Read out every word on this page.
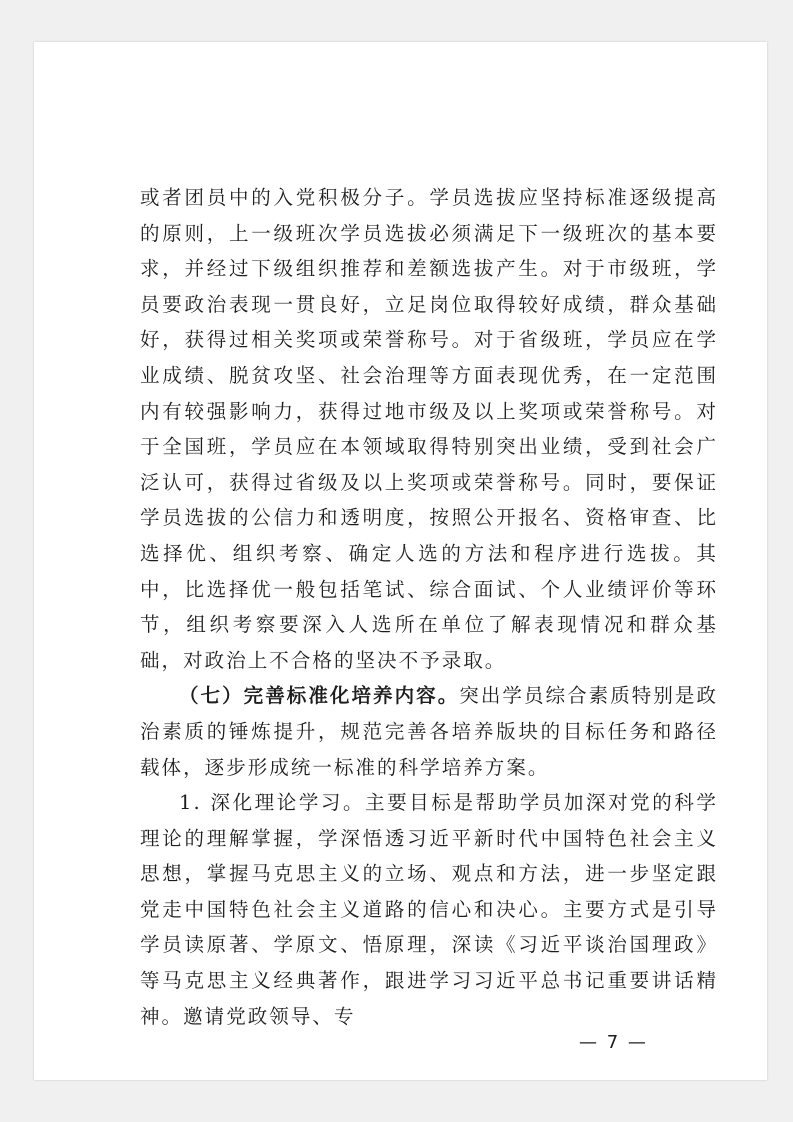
或者团员中的入党积极分子。学员选拔应坚持标准逐级提高的原则，上一级班次学员选拔必须满足下一级班次的基本要求，并经过下级组织推荐和差额选拔产生。对于市级班，学员要政治表现一贯良好，立足岗位取得较好成绩，群众基础好，获得过相关奖项或荣誉称号。对于省级班，学员应在学业成绩、脱贫攻坚、社会治理等方面表现优秀，在一定范围内有较强影响力，获得过地市级及以上奖项或荣誉称号。对于全国班，学员应在本领域取得特别突出业绩，受到社会广泛认可，获得过省级及以上奖项或荣誉称号。同时，要保证学员选拔的公信力和透明度，按照公开报名、资格审查、比选择优、组织考察、确定人选的方法和程序进行选拔。其中，比选择优一般包括笔试、综合面试、个人业绩评价等环节，组织考察要深入人选所在单位了解表现情况和群众基础，对政治上不合格的坚决不予录取。

（七）完善标准化培养内容。突出学员综合素质特别是政治素质的锤炼提升，规范完善各培养版块的目标任务和路径载体，逐步形成统一标准的科学培养方案。

1. 深化理论学习。主要目标是帮助学员加深对党的科学理论的理解掌握，学深悟透习近平新时代中国特色社会主义思想，掌握马克思主义的立场、观点和方法，进一步坚定跟党走中国特色社会主义道路的信心和决心。主要方式是引导学员读原著、学原文、悟原理，深读《习近平谈治国理政》等马克思主义经典著作，跟进学习习近平总书记重要讲话精神。邀请党政领导、专

— 7 —
